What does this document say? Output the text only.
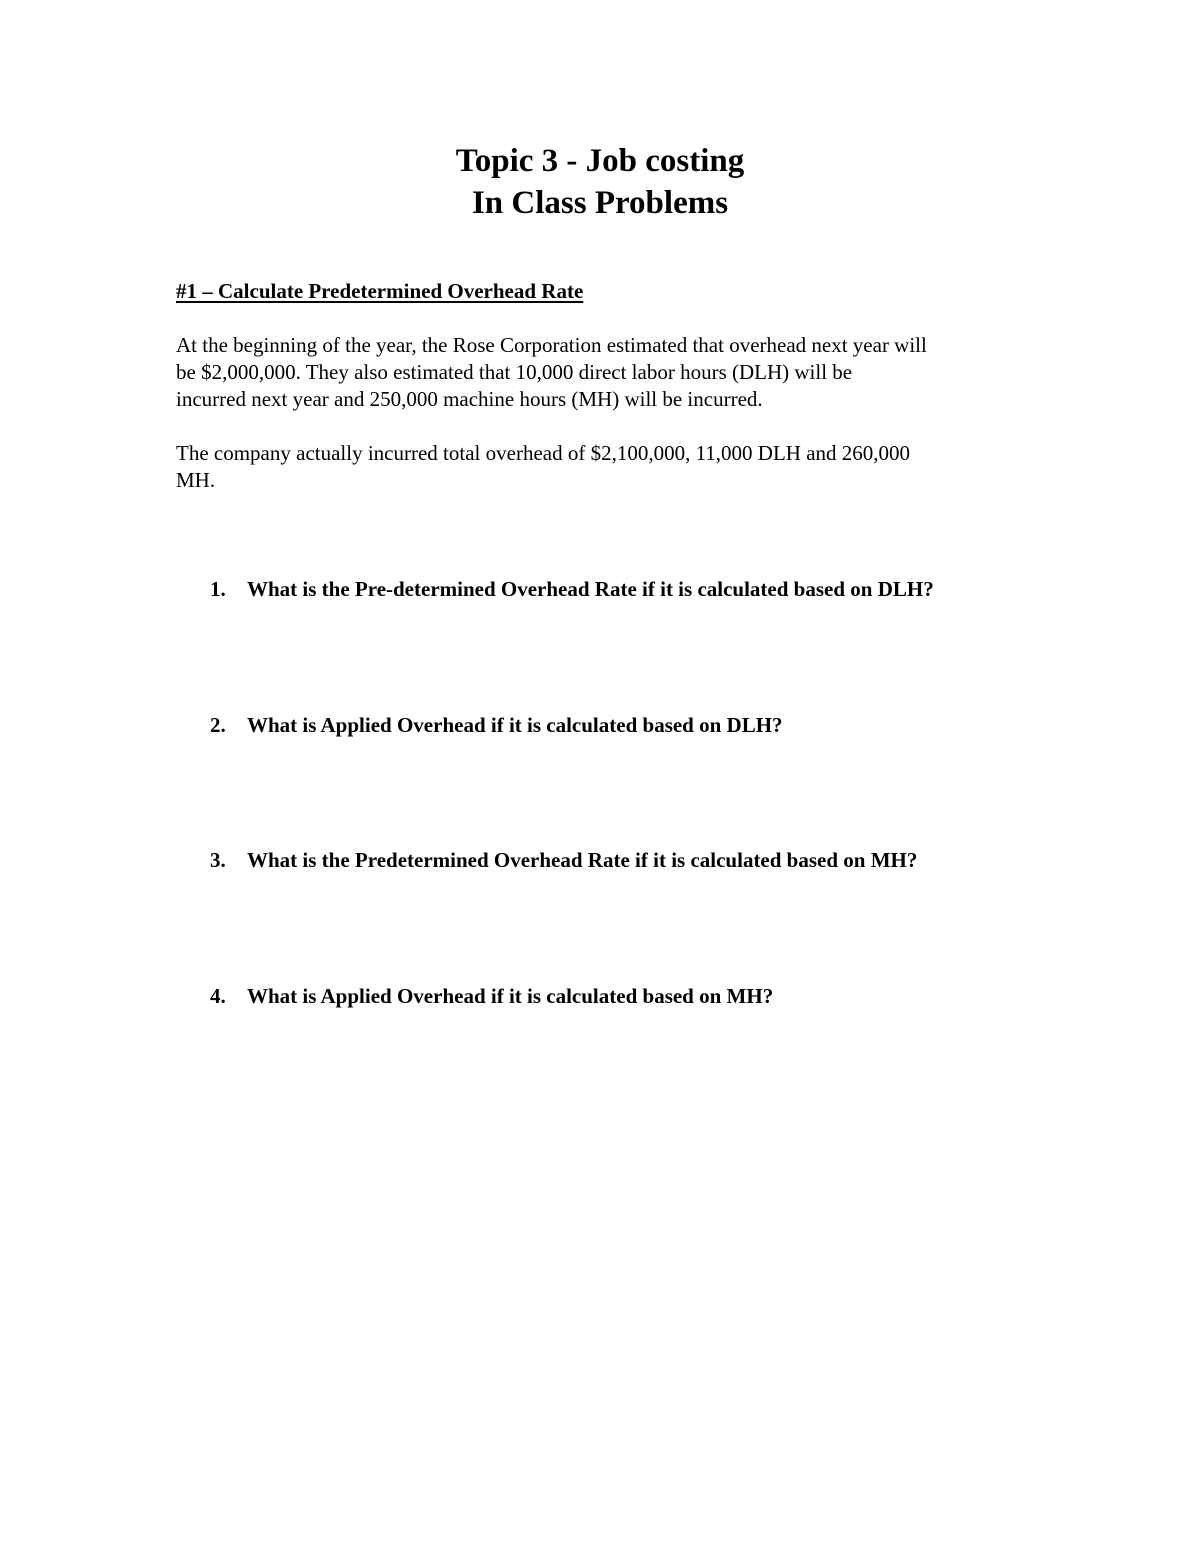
Topic 3 - Job costing
In Class Problems
#1 – Calculate Predetermined Overhead Rate

At the beginning of the year, the Rose Corporation estimated that overhead next year will
be $2,000,000. They also estimated that 10,000 direct labor hours (DLH) will be
incurred next year and 250,000 machine hours (MH) will be incurred.

The company actually incurred total overhead of $2,100,000, 11,000 DLH and 260,000
MH.

1. What is the Pre-determined Overhead Rate if it is calculated based on DLH?
2. What is Applied Overhead if it is calculated based on DLH?
3. What is the Predetermined Overhead Rate if it is calculated based on MH?
4. What is Applied Overhead if it is calculated based on MH?
